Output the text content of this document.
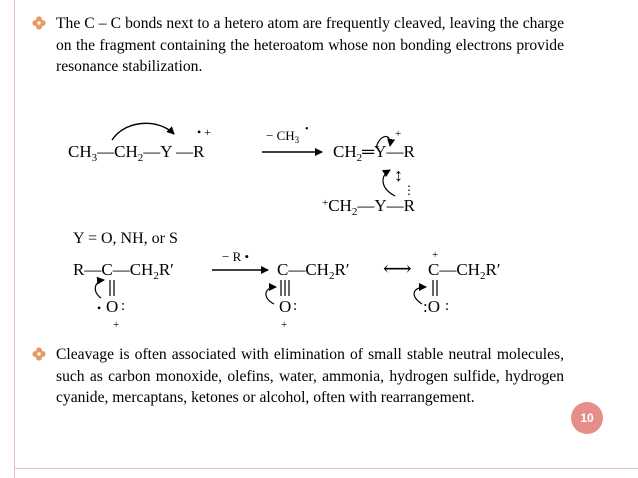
The C – C bonds next to a hetero atom are frequently cleaved, leaving the charge on the fragment containing the heteroatom whose non bonding electrons provide resonance stabilization.
Cleavage is often associated with elimination of small stable neutral molecules, such as carbon monoxide, olefins, water, ammonia, hydrogen sulfide, hydrogen cyanide, mercaptans, ketones or alcohol, often with rearrangement.
$CH_3—CH_2—Y$ —R
• +	− $CH_3$
•
$CH_2═Y—R$
+
↕
$^+CH_2—Y—R$
⋮
Y = O, NH, or S
$R—C—CH_2R'$
O
• :
+
− R •
$C—CH_2R'$
O :
+
⟷ $C—CH_2R'$
+
:O :
10
